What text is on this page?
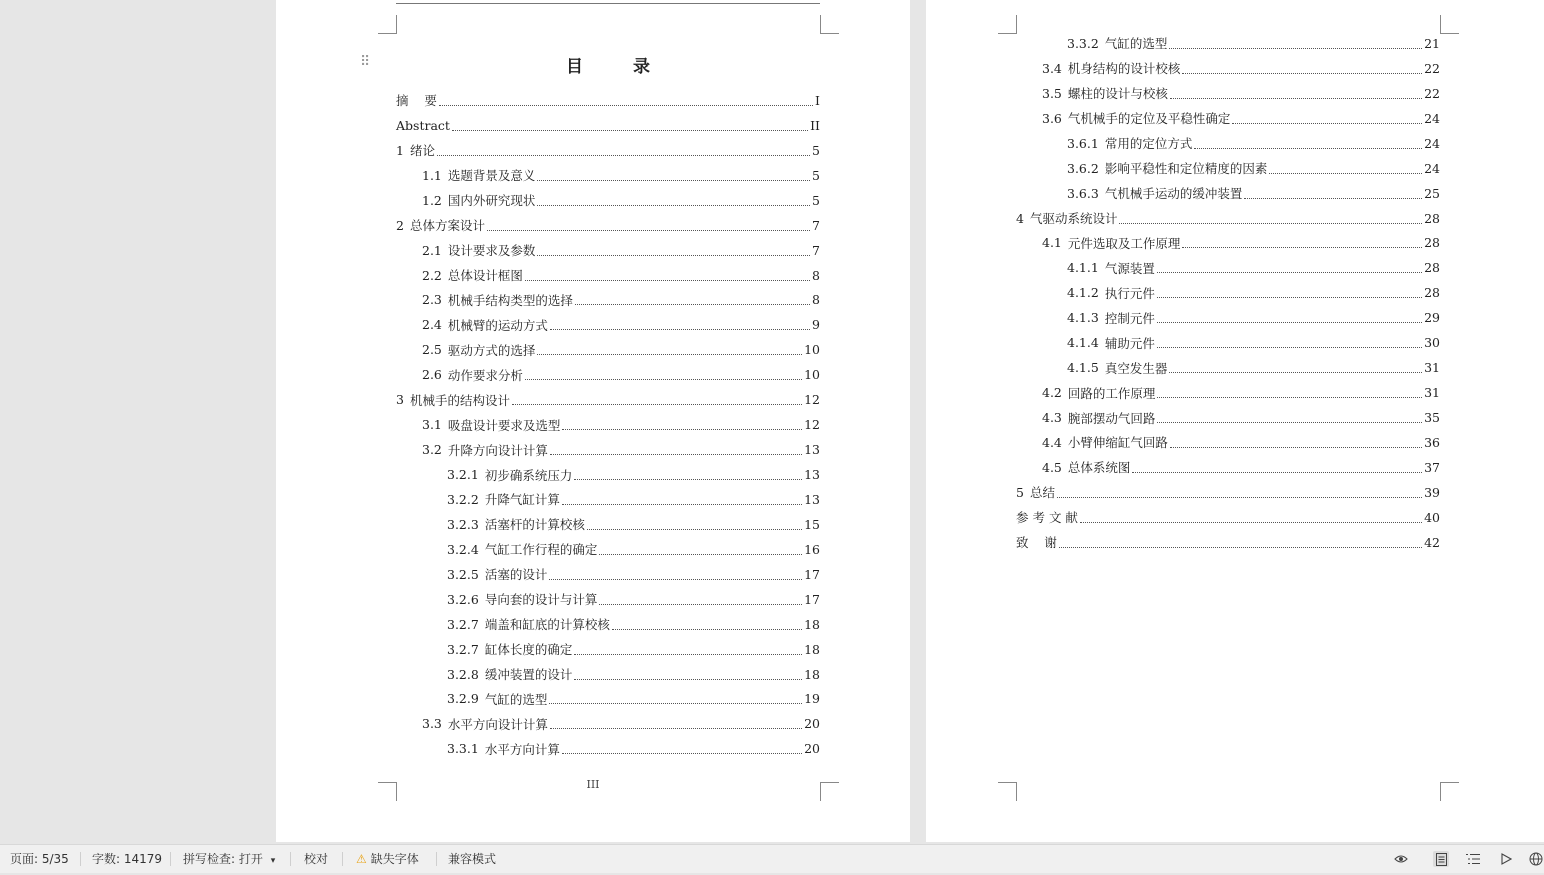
⠿	目 录
摘    要	I
Abstract	II
1 绪论	5
1.1 选题背景及意义	5
1.2 国内外研究现状	5
2 总体方案设计	7
2.1 设计要求及参数	7
2.2 总体设计框图	8
2.3 机械手结构类型的选择	8
2.4 机械臂的运动方式	9
2.5 驱动方式的选择	10
2.6 动作要求分析	10
3 机械手的结构设计	12
3.1 吸盘设计要求及选型	12
3.2 升降方向设计计算	13
3.2.1 初步确系统压力	13
3.2.2 升降气缸计算	13
3.2.3 活塞杆的计算校核	15
3.2.4 气缸工作行程的确定	16
3.2.5 活塞的设计	17
3.2.6 导向套的设计与计算	17
3.2.7 端盖和缸底的计算校核	18
3.2.7 缸体长度的确定	18
3.2.8 缓冲装置的设计	18
3.2.9 气缸的选型	19
3.3 水平方向设计计算	20
3.3.1 水平方向计算	20
III
3.3.2 气缸的选型	21
3.4 机身结构的设计校核	22
3.5 螺柱的设计与校核	22
3.6 气机械手的定位及平稳性确定	24
3.6.1 常用的定位方式	24
3.6.2 影响平稳性和定位精度的因素	24
3.6.3 气机械手运动的缓冲装置	25
4 气驱动系统设计	28
4.1 元件选取及工作原理	28
4.1.1 气源装置	28
4.1.2 执行元件	28
4.1.3 控制元件	29
4.1.4 辅助元件	30
4.1.5 真空发生器	31
4.2 回路的工作原理	31
4.3 腕部摆动气回路	35
4.4 小臂伸缩缸气回路	36
4.5 总体系统图	37
5 总结	39
参 考 文 献	40
致    谢	42
页面: 5/35 字数: 14179 拼写检查: 打开 ▾ 校对 ⚠ 缺失字体 兼容模式
